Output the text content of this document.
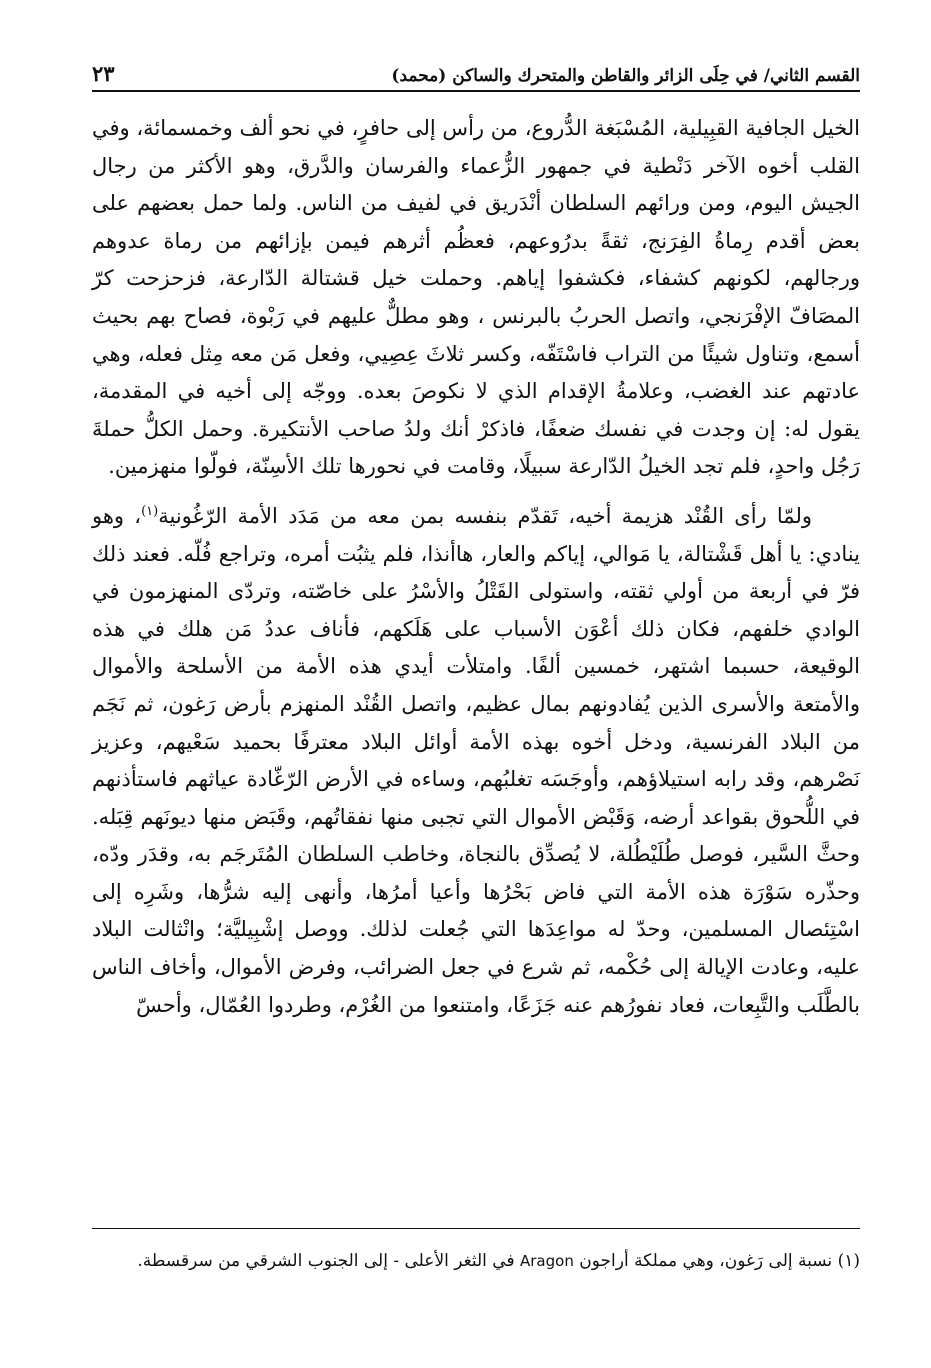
القسم الثاني/ في حِلَى الزائر والقاطن والمتحرك والساكن (محمد)
٢٣

الخيل الجافية القبِيلية، المُسْبَغة الدُّروع، من رأس إلى حافرٍ، في نحو ألف وخمسمائة، وفي القلب أخوه الآخر دَنْطية في جمهور الزُّعماء والفرسان والدَّرق، وهو الأكثر من رجال الجيش اليوم، ومن ورائهم السلطان أنْدَريق في لفيف من الناس. ولما حمل بعضهم على بعض أقدم رِماةُ الفِرَنج، ثقةً بدرُوعهم، فعظُم أثرهم فيمن بإزائهم من رماة عدوهم ورجالهم، لكونهم كشفاء، فكشفوا إياهم. وحملت خيل قشتالة الدّارعة، فزحزحت كرّ المصَافّ الإفْرَنجي، واتصل الحربُ بالبرنس ، وهو مطلٌّ عليهم في رَبْوة، فصاح بهم بحيث أسمع، وتناول شيئًا من التراب فاسْتَفّه، وكسر ثلاثَ عِصِيي، وفعل مَن معه مِثل فعله، وهي عادتهم عند الغضب، وعلامةُ الإقدام الذي لا نكوصَ بعده. ووجّه إلى أخيه في المقدمة، يقول له: إن وجدت في نفسك ضعفًا، فاذكرْ أنك ولدُ صاحب الأنتكيرة. وحمل الكلُّ حملةَ رَجُل واحدٍ، فلم تجد الخيلُ الدّارعة سبيلًا، وقامت في نحورها تلك الأسِنّة، فولّوا منهزمين.

ولمّا رأى القُنْد هزيمة أخيه، تَقدّم بنفسه بمن معه من مَدَد الأمة الرّغُونية$^{(١)}$، وهو ينادي: يا أهل قَشْتالة، يا مَوالي، إياكم والعار، هاأنذا، فلم يثبُت أمره، وتراجع فُلّه. فعند ذلك فرّ في أربعة من أولي ثقته، واستولى القَتْلُ والأسْرُ على خاصّته، وتردّى المنهزمون في الوادي خلفهم، فكان ذلك أعْوَن الأسباب على هَلَكهم، فأناف عددُ مَن هلك في هذه الوقيعة، حسبما اشتهر، خمسين ألفًا. وامتلأت أيدي هذه الأمة من الأسلحة والأموال والأمتعة والأسرى الذين يُفادونهم بمال عظيم، واتصل القُنْد المنهزم بأرض رَغون، ثم نَجَم من البلاد الفرنسية، ودخل أخوه بهذه الأمة أوائل البلاد معترفًا بحميد سَعْيهم، وعزيز نَصْرهم، وقد رابه استيلاؤهم، وأوجَسَه تغلبُهم، وساءه في الأرض الرّغّادة عياثهم فاستأذنهم في اللُّحوق بقواعد أرضه، وَقَبْض الأموال التي تجبى منها نفقاتُهم، وقَبَض منها ديونَهم قِبَله. وحثَّ السَّير، فوصل طُلَيْطُلة، لا يُصدِّق بالنجاة، وخاطب السلطان المُتَرجَم به، وقدَر ودّه، وحذّره سَوْرَة هذه الأمة التي فاض بَحْرُها وأعيا أمرُها، وأنهى إليه شرُّها، وشَرِه إلى اسْتِئصال المسلمين، وحدّ له مواعِدَها التي جُعلت لذلك. ووصل إشْبِيليَّة؛ وانْثالت البلاد عليه، وعادت الإيالة إلى حُكْمه، ثم شرع في جعل الضرائب، وفرض الأموال، وأخاف الناس بالطَّلَب والتَّبِعات، فعاد نفورُهم عنه جَزَعًا، وامتنعوا من الغُرْم، وطردوا العُمّال، وأحسّ

(١) نسبة إلى رَغون، وهي مملكة أراجون Aragon في الثغر الأعلى - إلى الجنوب الشرقي من سرقسطة.
